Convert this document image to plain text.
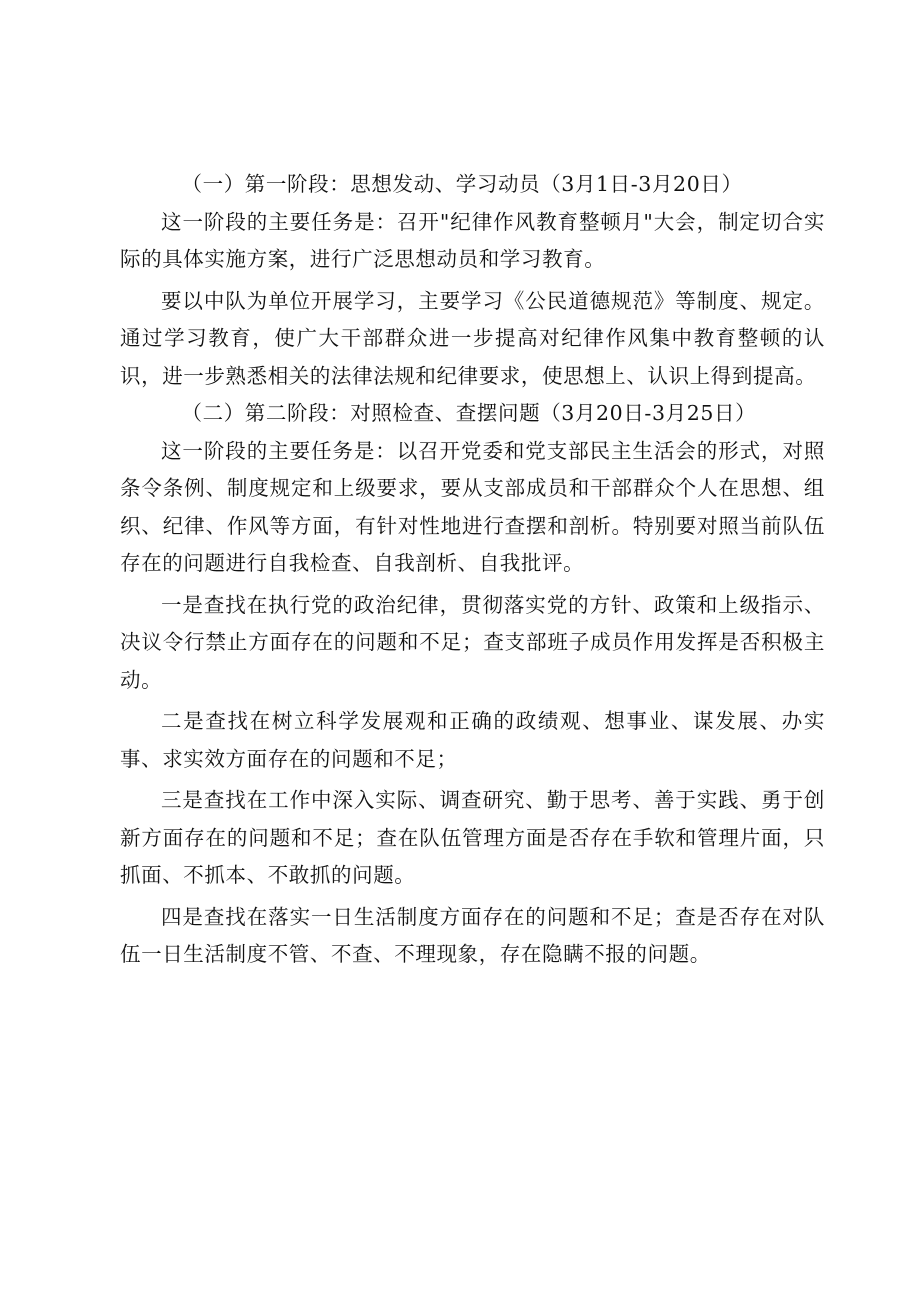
（一）第一阶段：思想发动、学习动员（3月1日-3月20日）

这一阶段的主要任务是：召开"纪律作风教育整顿月"大会，制定切合实际的具体实施方案，进行广泛思想动员和学习教育。

要以中队为单位开展学习，主要学习《公民道德规范》等制度、规定。通过学习教育，使广大干部群众进一步提高对纪律作风集中教育整顿的认识，进一步熟悉相关的法律法规和纪律要求，使思想上、认识上得到提高。

（二）第二阶段：对照检查、查摆问题（3月20日-3月25日）

这一阶段的主要任务是：以召开党委和党支部民主生活会的形式，对照条令条例、制度规定和上级要求，要从支部成员和干部群众个人在思想、组织、纪律、作风等方面，有针对性地进行查摆和剖析。特别要对照当前队伍存在的问题进行自我检查、自我剖析、自我批评。

一是查找在执行党的政治纪律，贯彻落实党的方针、政策和上级指示、决议令行禁止方面存在的问题和不足；查支部班子成员作用发挥是否积极主动。

二是查找在树立科学发展观和正确的政绩观、想事业、谋发展、办实事、求实效方面存在的问题和不足；

三是查找在工作中深入实际、调查研究、勤于思考、善于实践、勇于创新方面存在的问题和不足；查在队伍管理方面是否存在手软和管理片面，只抓面、不抓本、不敢抓的问题。

四是查找在落实一日生活制度方面存在的问题和不足；查是否存在对队伍一日生活制度不管、不查、不理现象，存在隐瞒不报的问题。
